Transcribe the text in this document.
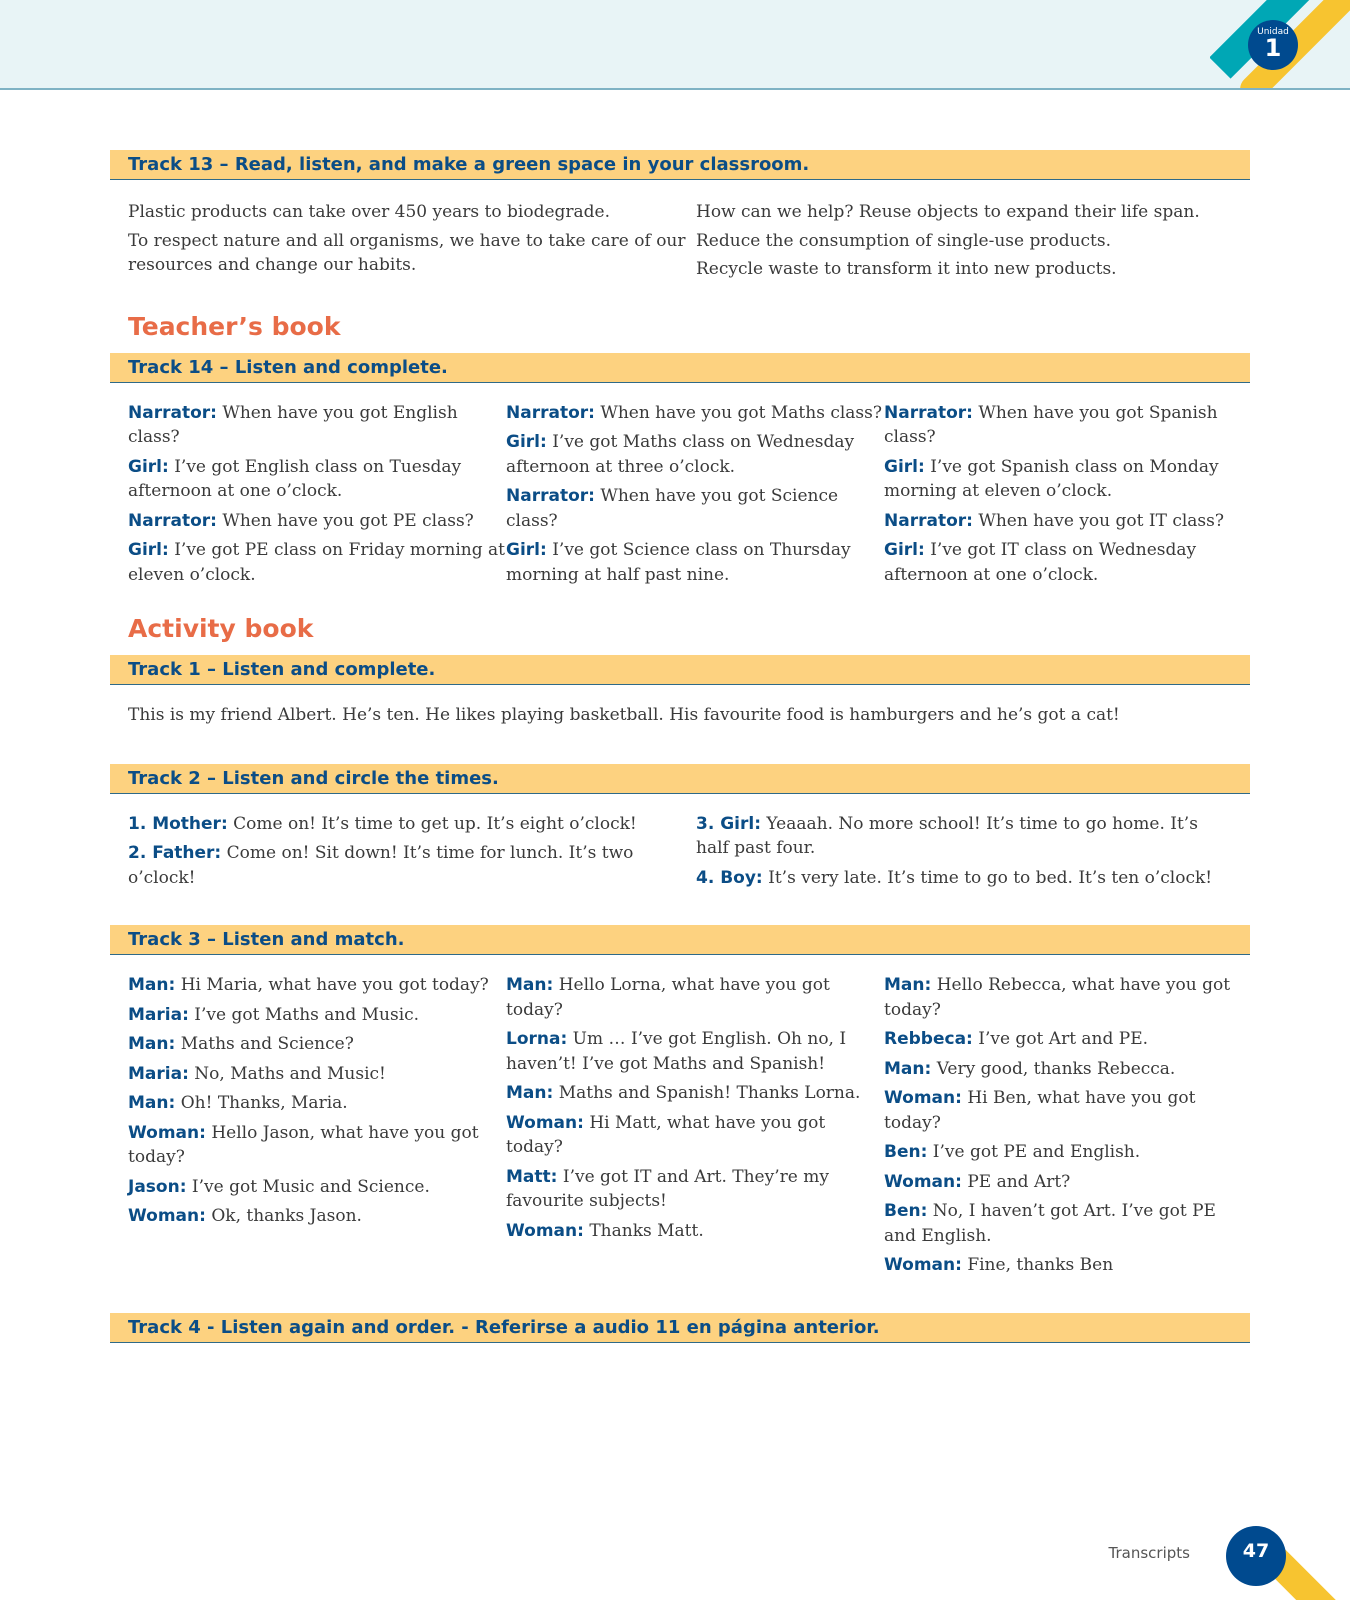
Unidad
1
Track 13 – Read, listen, and make a green space in your classroom.

Plastic products can take over 450 years to biodegrade.

To respect nature and all organisms, we have to take care of our resources and change our habits.

How can we help? Reuse objects to expand their life span.

Reduce the consumption of single-use products.

Recycle waste to transform it into new products.

Teacher’s book
Track 14 – Listen and complete.

Narrator: When have you got English class?

Girl: I’ve got English class on Tuesday afternoon at one o’clock.

Narrator: When have you got PE class?

Girl: I’ve got PE class on Friday morning at eleven o’clock.

Narrator: When have you got Maths class?

Girl: I’ve got Maths class on Wednesday afternoon at three o’clock.

Narrator: When have you got Science class?

Girl: I’ve got Science class on Thursday morning at half past nine.

Narrator: When have you got Spanish class?

Girl: I’ve got Spanish class on Monday morning at eleven o’clock.

Narrator: When have you got IT class?

Girl: I’ve got IT class on Wednesday afternoon at one o’clock.

Activity book
Track 1 – Listen and complete.
This is my friend Albert. He’s ten. He likes playing basketball. His favourite food is hamburgers and he’s got a cat!
Track 2 – Listen and circle the times.

1. Mother: Come on! It’s time to get up. It’s eight o’clock!

2. Father: Come on! Sit down! It’s time for lunch. It’s two o’clock!

3. Girl: Yeaaah. No more school! It’s time to go home. It’s half past four.

4. Boy: It’s very late. It’s time to go to bed. It’s ten o’clock!

Track 3 – Listen and match.

Man: Hi Maria, what have you got today?

Maria: I’ve got Maths and Music.

Man: Maths and Science?

Maria: No, Maths and Music!

Man: Oh! Thanks, Maria.

Woman: Hello Jason, what have you got today?

Jason: I’ve got Music and Science.

Woman: Ok, thanks Jason.

Man: Hello Lorna, what have you got today?

Lorna: Um … I’ve got English. Oh no, I haven’t! I’ve got Maths and Spanish!

Man: Maths and Spanish! Thanks Lorna.

Woman: Hi Matt, what have you got today?

Matt: I’ve got IT and Art. They’re my favourite subjects!

Woman: Thanks Matt.

Man: Hello Rebecca, what have you got today?

Rebbeca: I’ve got Art and PE.

Man: Very good, thanks Rebecca.

Woman: Hi Ben, what have you got today?

Ben: I’ve got PE and English.

Woman: PE and Art?

Ben: No, I haven’t got Art. I’ve got PE and English.

Woman: Fine, thanks Ben

Track 4 - Listen again and order. - Referirse a audio 11 en página anterior.
Transcripts	47
